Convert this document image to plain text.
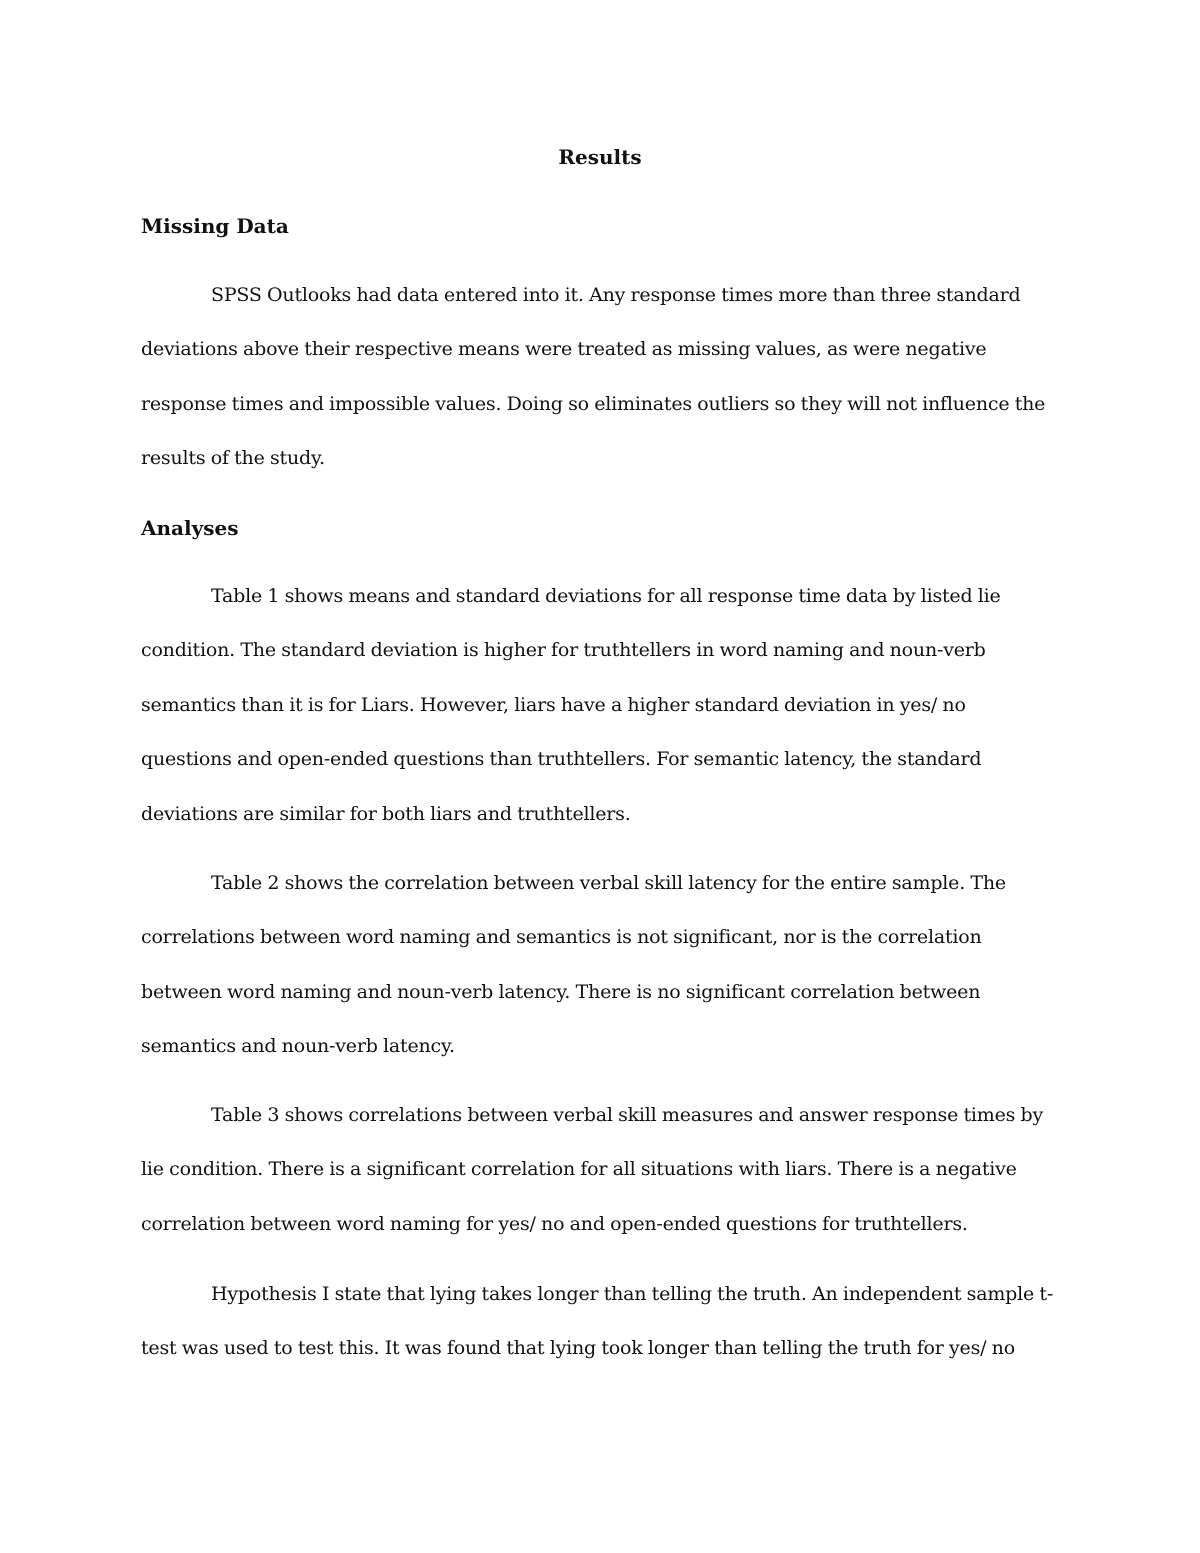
Results
Missing Data

SPSS Outlooks had data entered into it. Any response times more than three standard deviations above their respective means were treated as missing values, as were negative response times and impossible values. Doing so eliminates outliers so they will not influence the results of the study.

Analyses

Table 1 shows means and standard deviations for all response time data by listed lie condition. The standard deviation is higher for truthtellers in word naming and noun-verb semantics than it is for Liars. However, liars have a higher standard deviation in yes/ no questions and open-ended questions than truthtellers. For semantic latency, the standard deviations are similar for both liars and truthtellers.

Table 2 shows the correlation between verbal skill latency for the entire sample. The correlations between word naming and semantics is not significant, nor is the correlation between word naming and noun-verb latency. There is no significant correlation between semantics and noun-verb latency.

Table 3 shows correlations between verbal skill measures and answer response times by lie condition. There is a significant correlation for all situations with liars. There is a negative correlation between word naming for yes/ no and open-ended questions for truthtellers.

Hypothesis I state that lying takes longer than telling the truth. An independent sample t-test was used to test this. It was found that lying took longer than telling the truth for yes/ no
